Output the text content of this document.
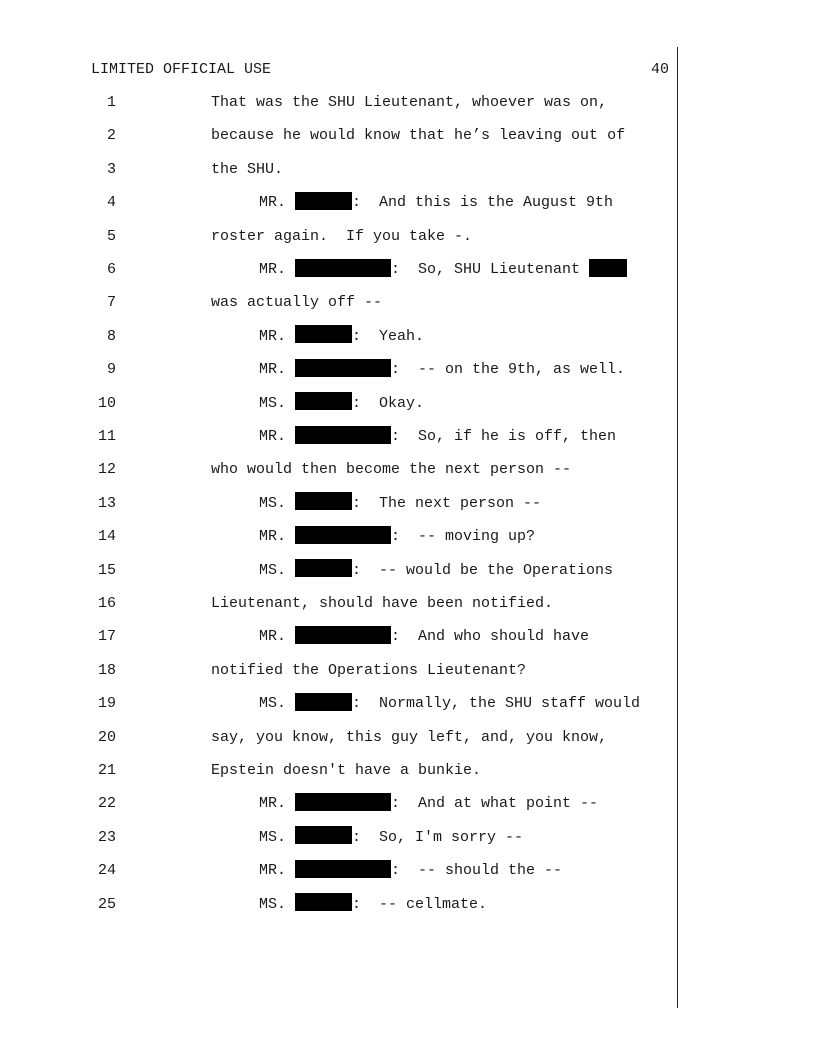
LIMITED OFFICIAL USE	40
1	That was the SHU Lieutenant, whoever was on,
2	because he would know that he’s leaving out of
3	the SHU.
4	MR.	:  And this is the August 9th
5	roster again.  If you take -.
6	MR.	:  So, SHU Lieutenant
7	was actually off --
8	MR.	:  Yeah.
9	MR.	:  -- on the 9th, as well.
10	MS.	:  Okay.
11	MR.	:  So, if he is off, then
12	who would then become the next person --
13	MS.	:  The next person --
14	MR.	:  -- moving up?
15	MS.	:  -- would be the Operations
16	Lieutenant, should have been notified.
17	MR.	:  And who should have
18	notified the Operations Lieutenant?
19	MS.	:  Normally, the SHU staff would
20	say, you know, this guy left, and, you know,
21	Epstein doesn't have a bunkie.
22	MR.	:  And at what point --
23	MS.	:  So, I'm sorry --
24	MR.	:  -- should the --
25	MS.	:  -- cellmate.
